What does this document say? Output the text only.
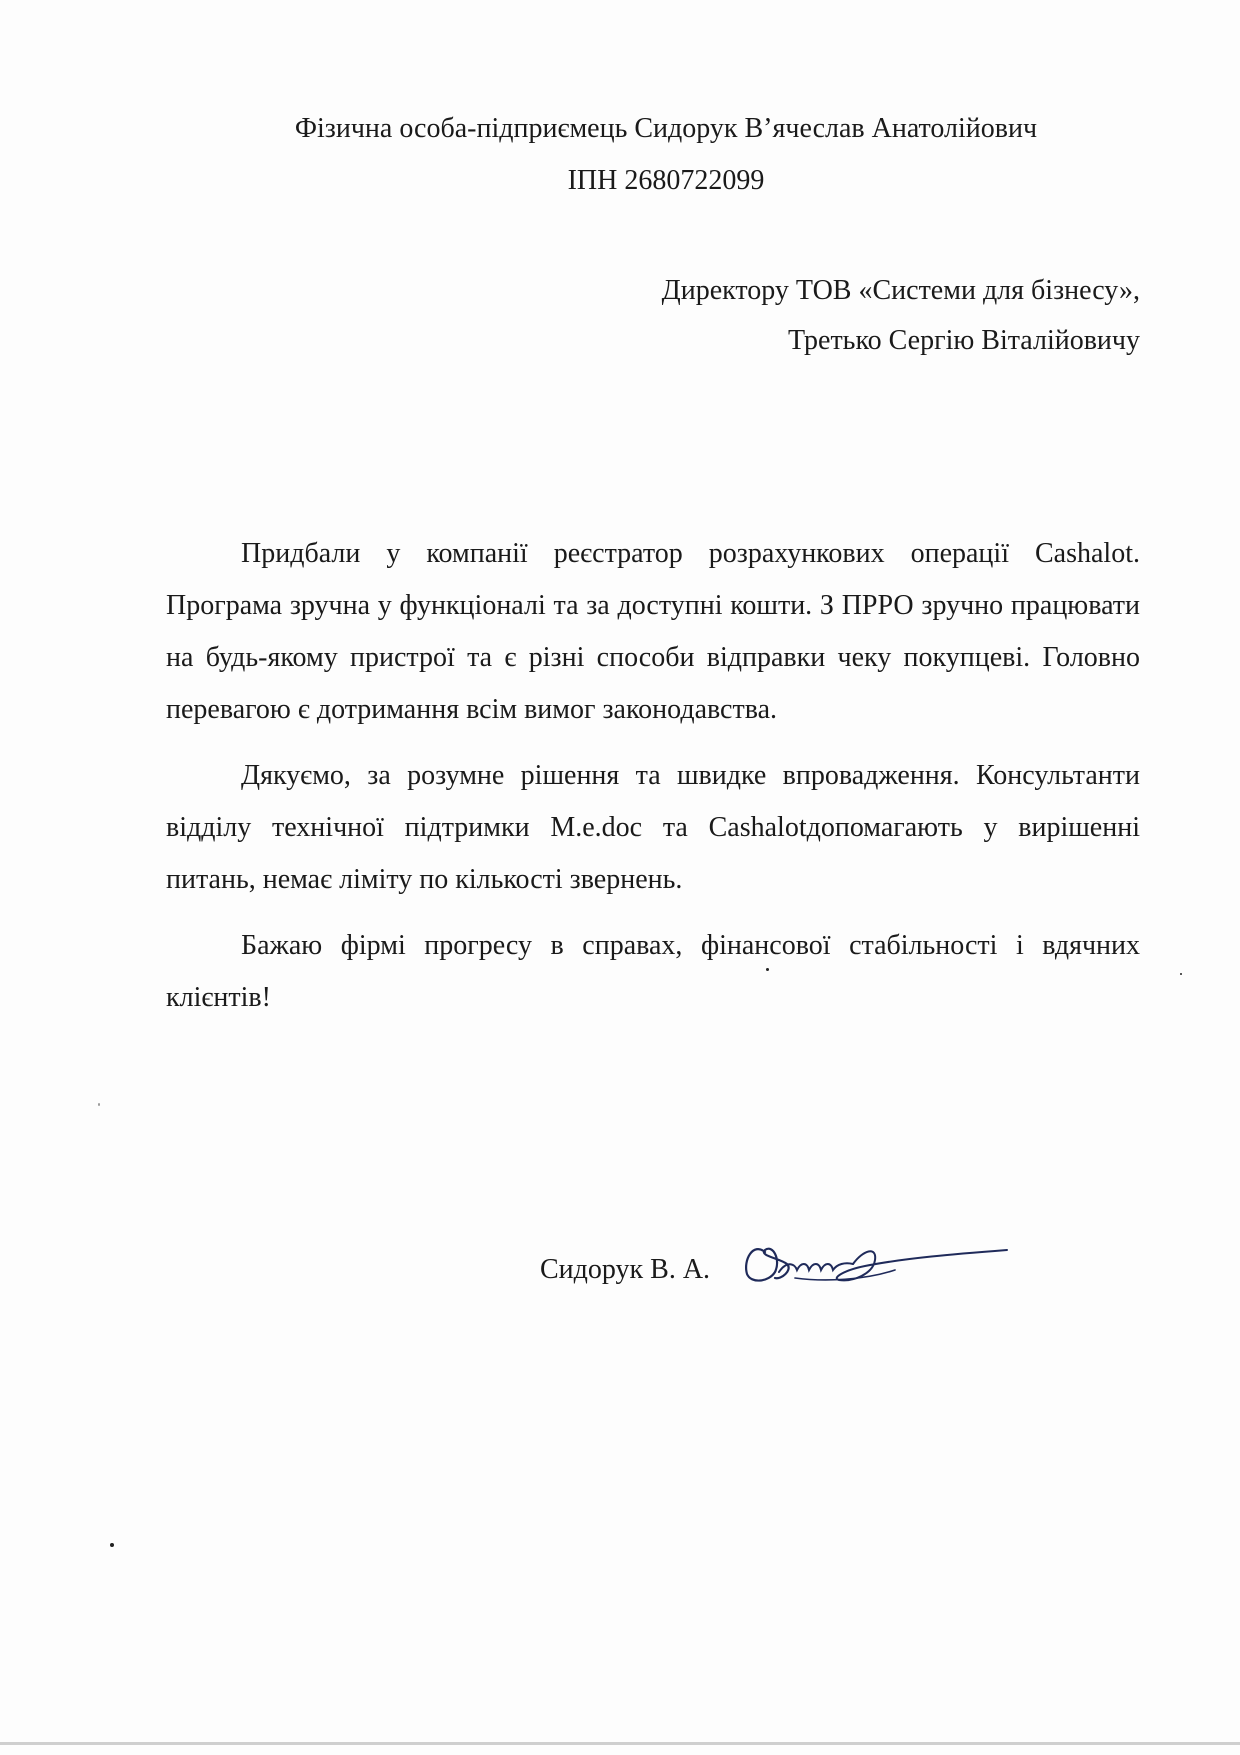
Фізична особа-підприємець Сидорук В’ячеслав Анатолійович
ІПН 2680722099
Директору ТОВ «Системи для бізнесу»,
Третько Сергію Віталійовичу

Придбали у компанії реєстратор розрахункових операції Cashalot. Програма зручна у функціоналі та за доступні кошти. З ПРРО зручно працювати на будь-якому пристрої та є різні способи відправки чеку покупцеві. Головно перевагою є дотримання всім вимог законодавства.

Дякуємо, за розумне рішення та швидке впровадження. Консультанти відділу технічної підтримки M.e.doc та Cashalotдопомагають у вирішенні питань, немає ліміту по кількості звернень.

Бажаю фірмі прогресу в справах, фінансової стабільності і вдячних клієнтів!

Сидорук В. А.
